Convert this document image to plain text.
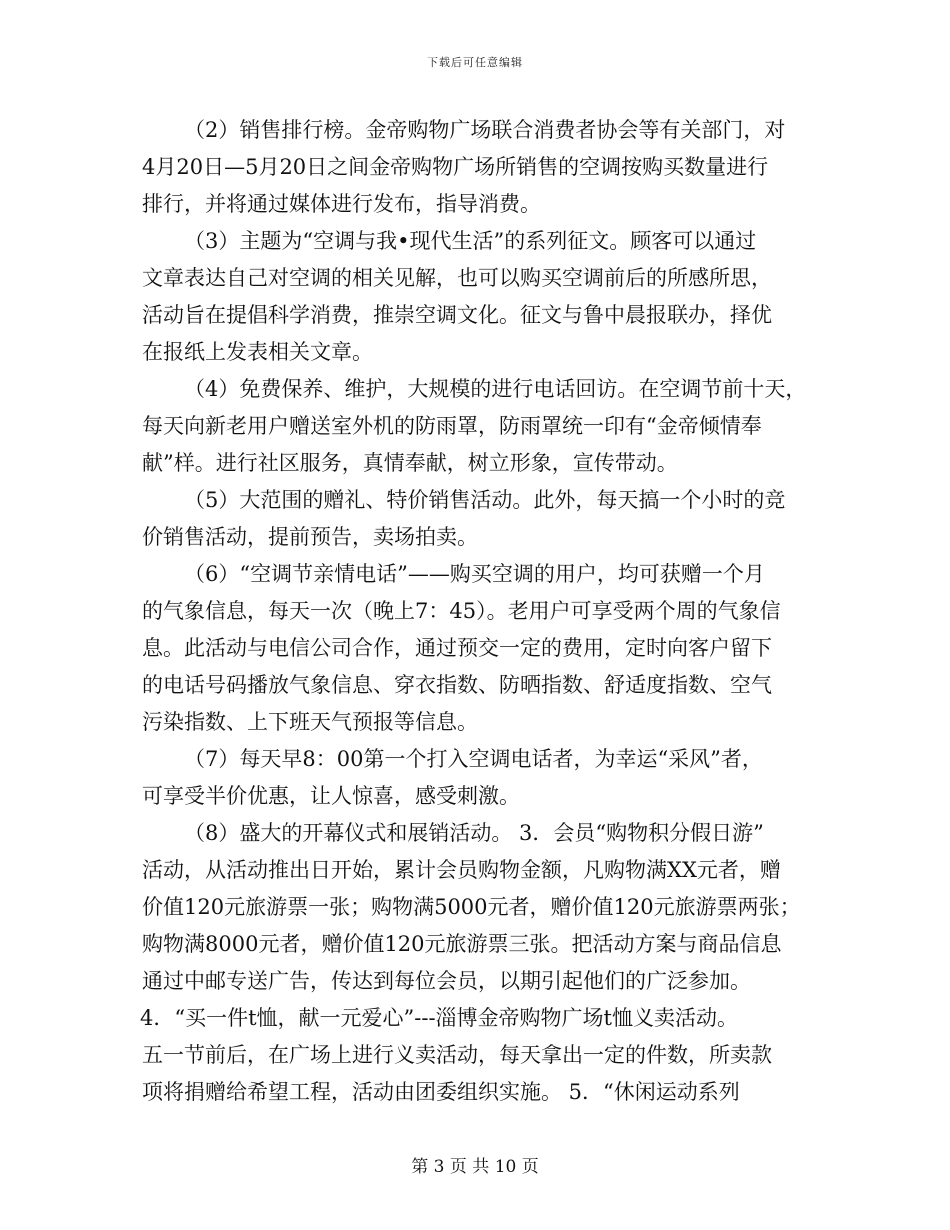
下载后可任意编辑
（2）销售排行榜。金帝购物广场联合消费者协会等有关部门，对
4月20日—5月20日之间金帝购物广场所销售的空调按购买数量进行
排行，并将通过媒体进行发布，指导消费。
（3）主题为“空调与我•现代生活”的系列征文。顾客可以通过
文章表达自己对空调的相关见解，也可以购买空调前后的所感所思，
活动旨在提倡科学消费，推崇空调文化。征文与鲁中晨报联办，择优
在报纸上发表相关文章。
（4）免费保养、维护，大规模的进行电话回访。在空调节前十天，
每天向新老用户赠送室外机的防雨罩，防雨罩统一印有“金帝倾情奉
献”样。进行社区服务，真情奉献，树立形象，宣传带动。
（5）大范围的赠礼、特价销售活动。此外，每天搞一个小时的竞
价销售活动，提前预告，卖场拍卖。
（6）“空调节亲情电话”——购买空调的用户，均可获赠一个月
的气象信息，每天一次（晚上7：45）。老用户可享受两个周的气象信
息。此活动与电信公司合作，通过预交一定的费用，定时向客户留下
的电话号码播放气象信息、穿衣指数、防晒指数、舒适度指数、空气
污染指数、上下班天气预报等信息。
（7）每天早8：00第一个打入空调电话者，为幸运“采风”者，
可享受半价优惠，让人惊喜，感受刺激。
（8）盛大的开幕仪式和展销活动。 3．会员“购物积分假日游”
活动，从活动推出日开始，累计会员购物金额，凡购物满XX元者，赠
价值120元旅游票一张；购物满5000元者，赠价值120元旅游票两张；
购物满8000元者，赠价值120元旅游票三张。把活动方案与商品信息
通过中邮专送广告，传达到每位会员，以期引起他们的广泛参加。
4．“买一件t恤，献一元爱心”---淄博金帝购物广场t恤义卖活动。
五一节前后，在广场上进行义卖活动，每天拿出一定的件数，所卖款
项将捐赠给希望工程，活动由团委组织实施。 5．“休闲运动系列
第 3 页 共 10 页
